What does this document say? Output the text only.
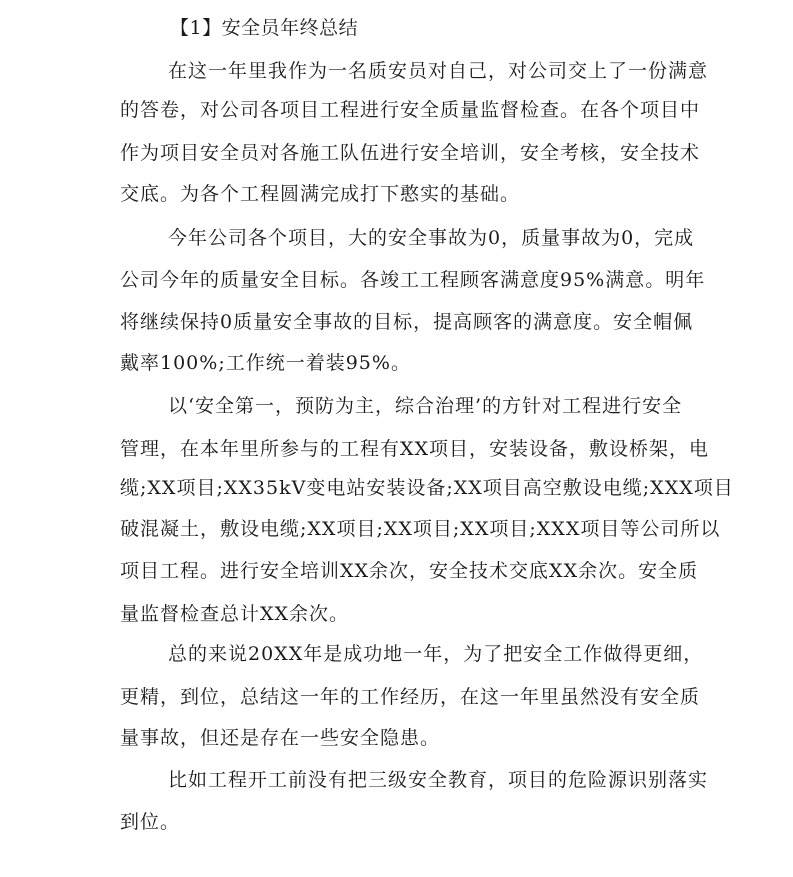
【1】安全员年终总结
在这一年里我作为一名质安员对自己，对公司交上了一份满意
的答卷，对公司各项目工程进行安全质量监督检查。在各个项目中
作为项目安全员对各施工队伍进行安全培训，安全考核，安全技术
交底。为各个工程圆满完成打下憨实的基础。
今年公司各个项目，大的安全事故为0，质量事故为0，完成
公司今年的质量安全目标。各竣工工程顾客满意度95%满意。明年
将继续保持0质量安全事故的目标，提高顾客的满意度。安全帽佩
戴率100%;工作统一着装95%。
以‘安全第一，预防为主，综合治理’的方针对工程进行安全
管理，在本年里所参与的工程有XX项目，安装设备，敷设桥架，电
缆;XX项目;XX35kV变电站安装设备;XX项目高空敷设电缆;XXX项目
破混凝土，敷设电缆;XX项目;XX项目;XX项目;XXX项目等公司所以
项目工程。进行安全培训XX余次，安全技术交底XX余次。安全质
量监督检查总计XX余次。
总的来说20XX年是成功地一年，为了把安全工作做得更细，
更精，到位，总结这一年的工作经历，在这一年里虽然没有安全质
量事故，但还是存在一些安全隐患。
比如工程开工前没有把三级安全教育，项目的危险源识别落实
到位。
